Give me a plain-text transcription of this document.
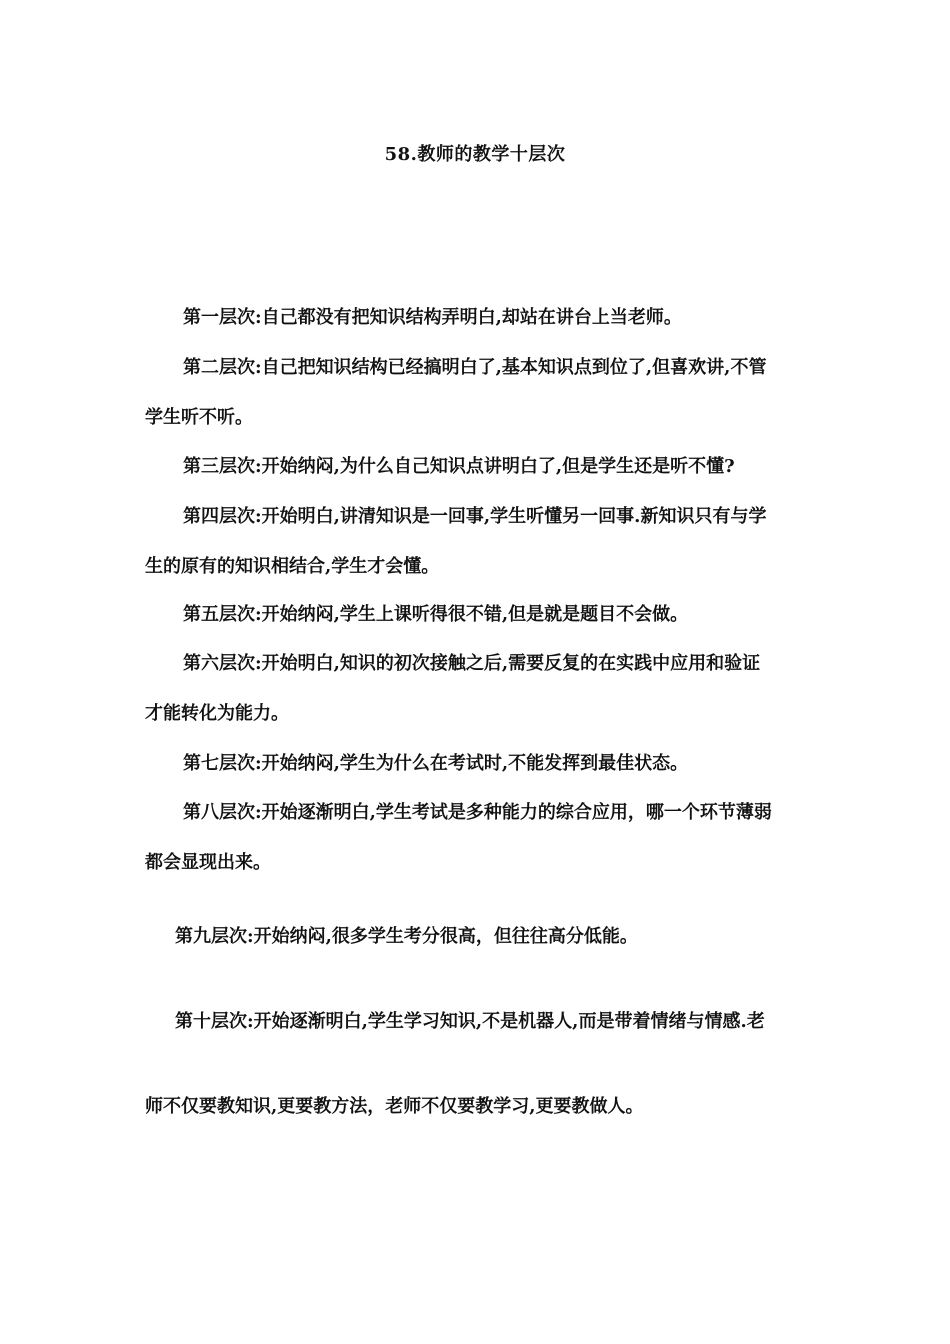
58.教师的教学十层次
第一层次:自己都没有把知识结构弄明白,却站在讲台上当老师。
第二层次:自己把知识结构已经搞明白了,基本知识点到位了,但喜欢讲,不管
学生听不听。
第三层次:开始纳闷,为什么自己知识点讲明白了,但是学生还是听不懂?
第四层次:开始明白,讲清知识是一回事,学生听懂另一回事.新知识只有与学
生的原有的知识相结合,学生才会懂。
第五层次:开始纳闷,学生上课听得很不错,但是就是题目不会做。
第六层次:开始明白,知识的初次接触之后,需要反复的在实践中应用和验证
才能转化为能力。
第七层次:开始纳闷,学生为什么在考试时,不能发挥到最佳状态。
第八层次:开始逐渐明白,学生考试是多种能力的综合应用，哪一个环节薄弱
都会显现出来。
第九层次:开始纳闷,很多学生考分很高，但往往高分低能。
第十层次:开始逐渐明白,学生学习知识,不是机器人,而是带着情绪与情感.老
师不仅要教知识,更要教方法，老师不仅要教学习,更要教做人。
